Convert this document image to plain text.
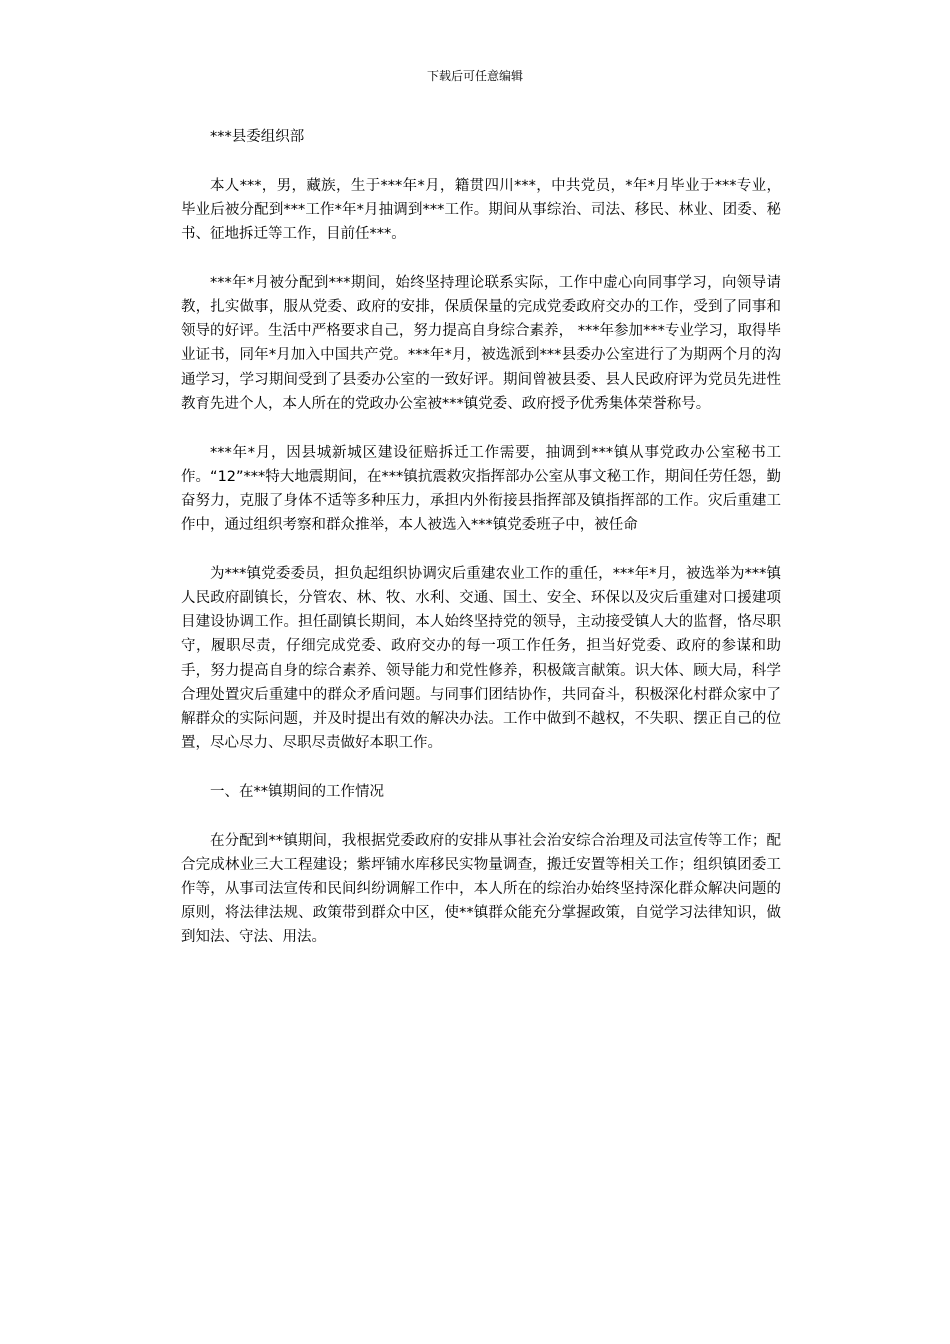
下载后可任意编辑

***县委组织部

本人***，男，藏族，生于***年*月，籍贯四川***，中共党员，*年*月毕业于***专业，毕业后被分配到***工作*年*月抽调到***工作。期间从事综治、司法、移民、林业、团委、秘书、征地拆迁等工作，目前任***。

***年*月被分配到***期间，始终坚持理论联系实际，工作中虚心向同事学习，向领导请教，扎实做事，服从党委、政府的安排，保质保量的完成党委政府交办的工作，受到了同事和领导的好评。生活中严格要求自己，努力提高自身综合素养， ***年参加***专业学习，取得毕业证书，同年*月加入中国共产党。***年*月，被选派到***县委办公室进行了为期两个月的沟通学习，学习期间受到了县委办公室的一致好评。期间曾被县委、县人民政府评为党员先进性教育先进个人，本人所在的党政办公室被***镇党委、政府授予优秀集体荣誉称号。

***年*月，因县城新城区建设征赔拆迁工作需要，抽调到***镇从事党政办公室秘书工作。“12”***特大地震期间，在***镇抗震救灾指挥部办公室从事文秘工作，期间任劳任怨，勤奋努力，克服了身体不适等多种压力，承担内外衔接县指挥部及镇指挥部的工作。灾后重建工作中，通过组织考察和群众推举，本人被选入***镇党委班子中，被任命

为***镇党委委员，担负起组织协调灾后重建农业工作的重任，***年*月，被选举为***镇人民政府副镇长，分管农、林、牧、水利、交通、国土、安全、环保以及灾后重建对口援建项目建设协调工作。担任副镇长期间，本人始终坚持党的领导，主动接受镇人大的监督，恪尽职守，履职尽责，仔细完成党委、政府交办的每一项工作任务，担当好党委、政府的参谋和助手，努力提高自身的综合素养、领导能力和党性修养，积极箴言献策。识大体、顾大局，科学合理处置灾后重建中的群众矛盾问题。与同事们团结协作，共同奋斗，积极深化村群众家中了解群众的实际问题，并及时提出有效的解决办法。工作中做到不越权，不失职、摆正自己的位置，尽心尽力、尽职尽责做好本职工作。

一、在**镇期间的工作情况

在分配到**镇期间，我根据党委政府的安排从事社会治安综合治理及司法宣传等工作；配合完成林业三大工程建设；紫坪铺水库移民实物量调查，搬迁安置等相关工作；组织镇团委工作等，从事司法宣传和民间纠纷调解工作中，本人所在的综治办始终坚持深化群众解决问题的原则，将法律法规、政策带到群众中区，使**镇群众能充分掌握政策，自觉学习法律知识，做到知法、守法、用法。
